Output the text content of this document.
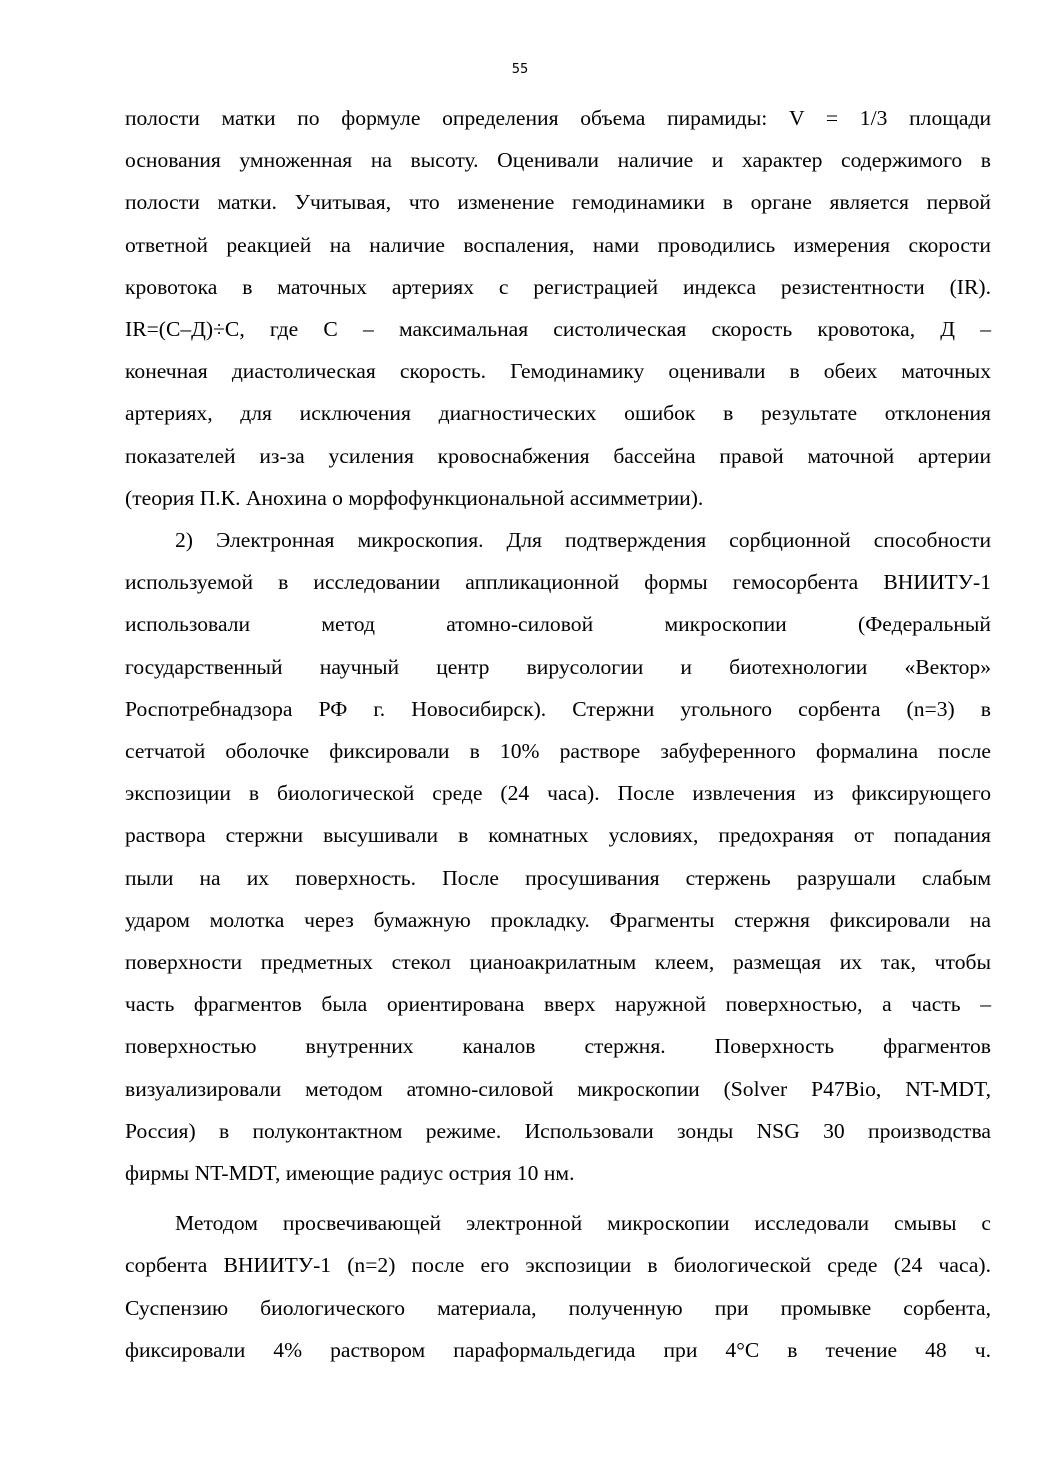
55

полости матки по формуле определения объема пирамиды: V = 1/3 площади

основания умноженная на высоту. Оценивали наличие и характер содержимого в

полости матки. Учитывая, что изменение гемодинамики в органе является первой

ответной реакцией на наличие воспаления, нами проводились измерения скорости

кровотока в маточных артериях с регистрацией индекса резистентности (IR).

IR=(С–Д)÷С, где С – максимальная систолическая скорость кровотока, Д –

конечная диастолическая скорость. Гемодинамику оценивали в обеих маточных

артериях, для исключения диагностических ошибок в результате отклонения

показателей из-за усиления кровоснабжения бассейна правой маточной артерии

(теория П.К. Анохина о морфофункциональной ассимметрии).

2) Электронная микроскопия. Для подтверждения сорбционной способности

используемой в исследовании аппликационной формы гемосорбента ВНИИТУ-1

использовали метод атомно-силовой микроскопии (Федеральный

государственный научный центр вирусологии и биотехнологии «Вектор»

Роспотребнадзора РФ г. Новосибирск). Стержни угольного сорбента (n=3) в

сетчатой оболочке фиксировали в 10% растворе забуференного формалина после

экспозиции в биологической среде (24 часа). После извлечения из фиксирующего

раствора стержни высушивали в комнатных условиях, предохраняя от попадания

пыли на их поверхность. После просушивания стержень разрушали слабым

ударом молотка через бумажную прокладку. Фрагменты стержня фиксировали на

поверхности предметных стекол цианоакрилатным клеем, размещая их так, чтобы

часть фрагментов была ориентирована вверх наружной поверхностью, а часть –

поверхностью внутренних каналов стержня. Поверхность фрагментов

визуализировали методом атомно-силовой микроскопии (Solver P47Bio, NT-MDT,

Россия) в полуконтактном режиме. Использовали зонды NSG 30 производства

фирмы NT-MDT, имеющие радиус острия 10 нм.

Методом просвечивающей электронной микроскопии исследовали смывы с

сорбента ВНИИТУ-1 (n=2) после его экспозиции в биологической среде (24 часа).

Суспензию биологического материала, полученную при промывке сорбента,

фиксировали 4% раствором параформальдегида при 4°С в течение 48 ч.
